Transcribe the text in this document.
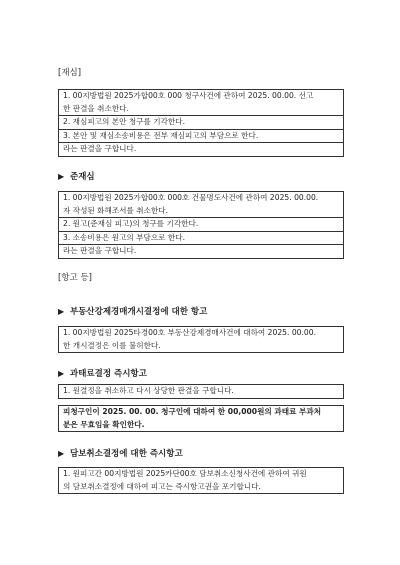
[재심]
1. 00지방법원 2025가합00호 000 청구사건에 관하여 2025. 00.00. 선고
한 판결을 취소한다.
2. 재심피고의 본안 청구를 기각한다.
3. 본안 및 재심소송비용은 전부 재심피고의 부담으로 한다.
라는 판결을 구합니다.
▶ 준재심
1. 00지방법원 2025가합00호 000호 건물명도사건에 관하여 2025. 00.00.
자 작성된 화해조서를 취소한다.
2. 원고(준재심 피고)의 청구를 기각한다.
3. 소송비용은 원고의 부담으로 한다.
라는 판결을 구합니다.
[항고 등]
▶ 부동산강제경매개시결정에 대한 항고
1. 00지방법원 2025타경00호 부동산강제경매사건에 대하여 2025. 00.00.
한 개시결정은 이를 불허한다.
▶ 과태료결정 즉시항고
1. 원결정을 취소하고 다시 상당한 판결을 구합니다.
피청구인이 2025. 00. 00. 청구인에 대하여 한 00,000원의 과태료 부과처
분은 무효임을 확인한다.
▶ 담보취소결정에 대한 즉시항고
1. 원피고간 00지방법원 2025카단00호 담보취소신청사건에 관하여 귀원
의 담보취소결정에 대하여 피고는 즉시항고권을 포기합니다.
